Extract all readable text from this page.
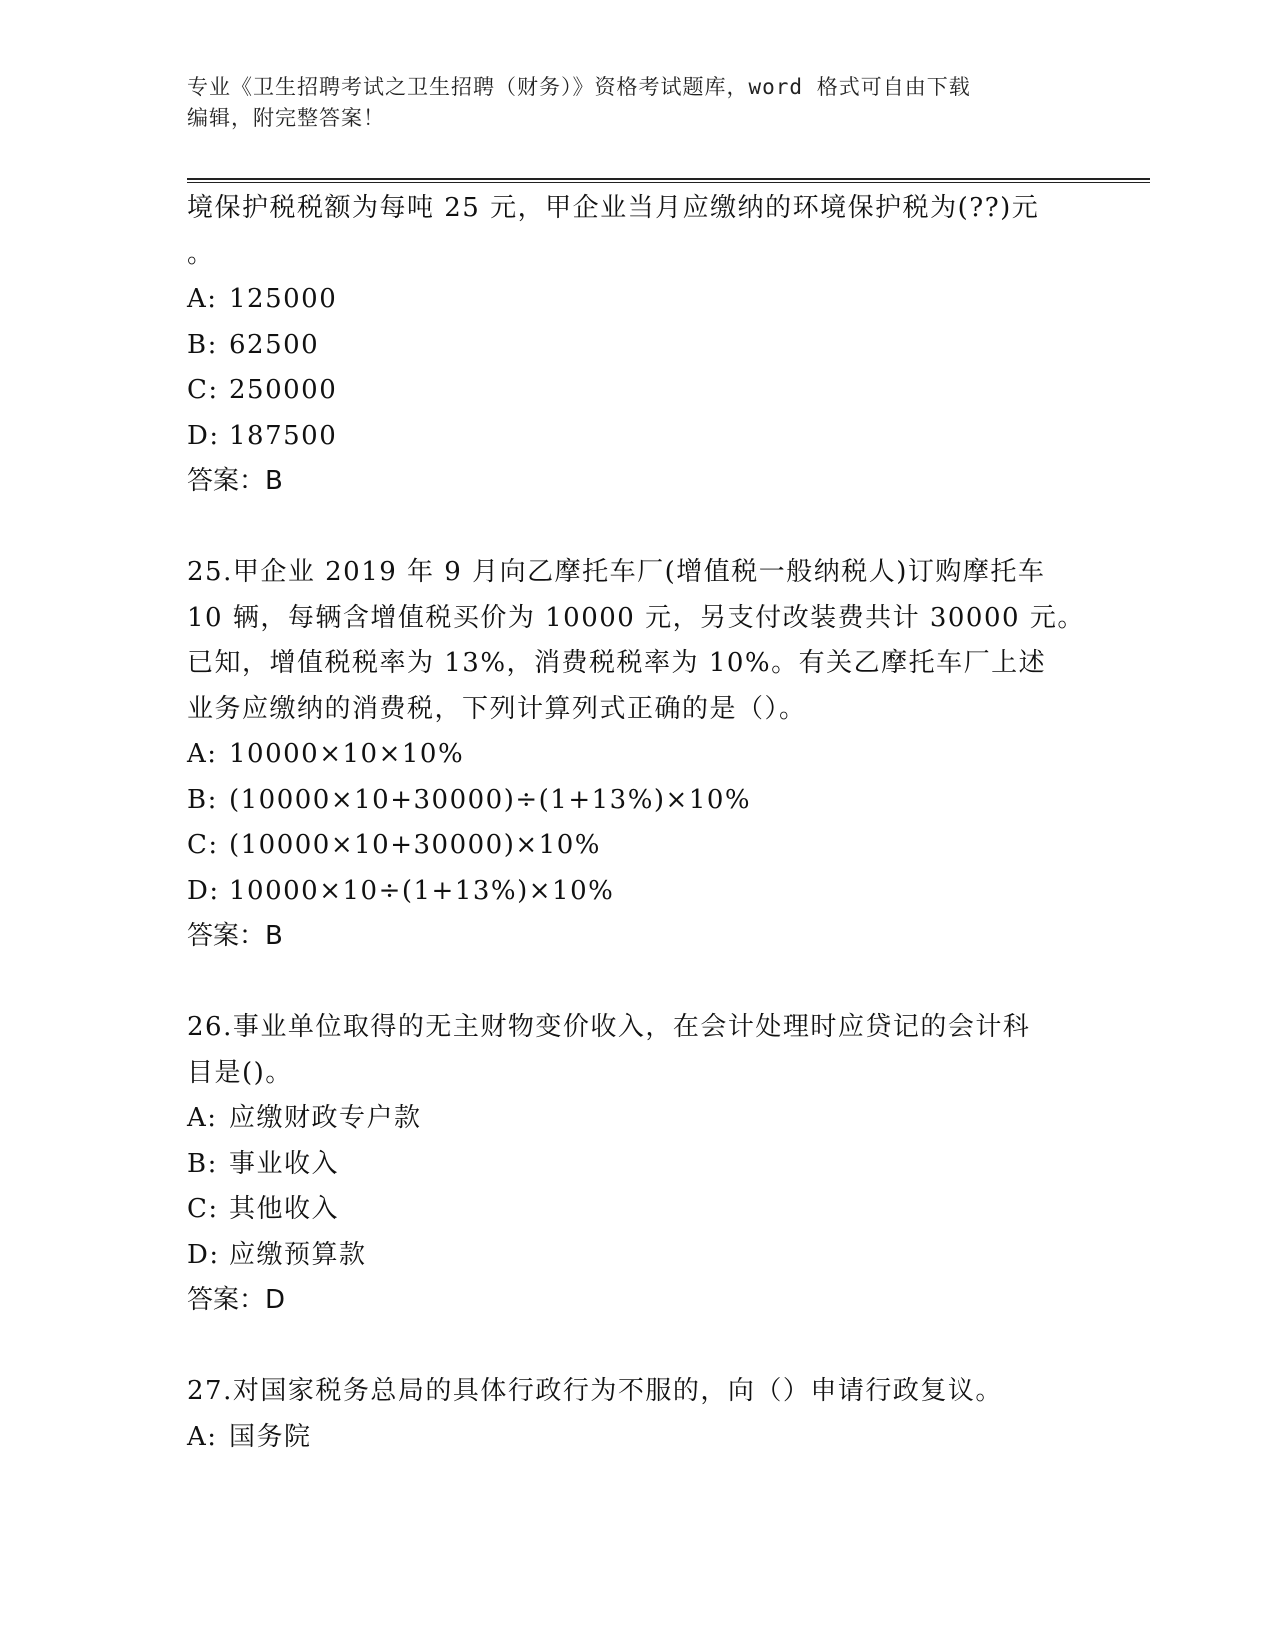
专业《卫生招聘考试之卫生招聘（财务）》资格考试题库，word 格式可自由下载
编辑，附完整答案！
境保护税税额为每吨 25 元，甲企业当月应缴纳的环境保护税为(??)元
。
A: 125000
B: 62500
C: 250000
D: 187500
答案：B
25.甲企业 2019 年 9 月向乙摩托车厂(增值税一般纳税人)订购摩托车
10 辆，每辆含增值税买价为 10000 元，另支付改装费共计 30000 元。
已知，增值税税率为 13%，消费税税率为 10%。有关乙摩托车厂上述
业务应缴纳的消费税，下列计算列式正确的是（）。
A: 10000×10×10%
B: (10000×10+30000)÷(1+13%)×10%
C: (10000×10+30000)×10%
D: 10000×10÷(1+13%)×10%
答案：B
26.事业单位取得的无主财物变价收入，在会计处理时应贷记的会计科
目是()。
A: 应缴财政专户款
B: 事业收入
C: 其他收入
D: 应缴预算款
答案：D
27.对国家税务总局的具体行政行为不服的，向（）申请行政复议。
A: 国务院
